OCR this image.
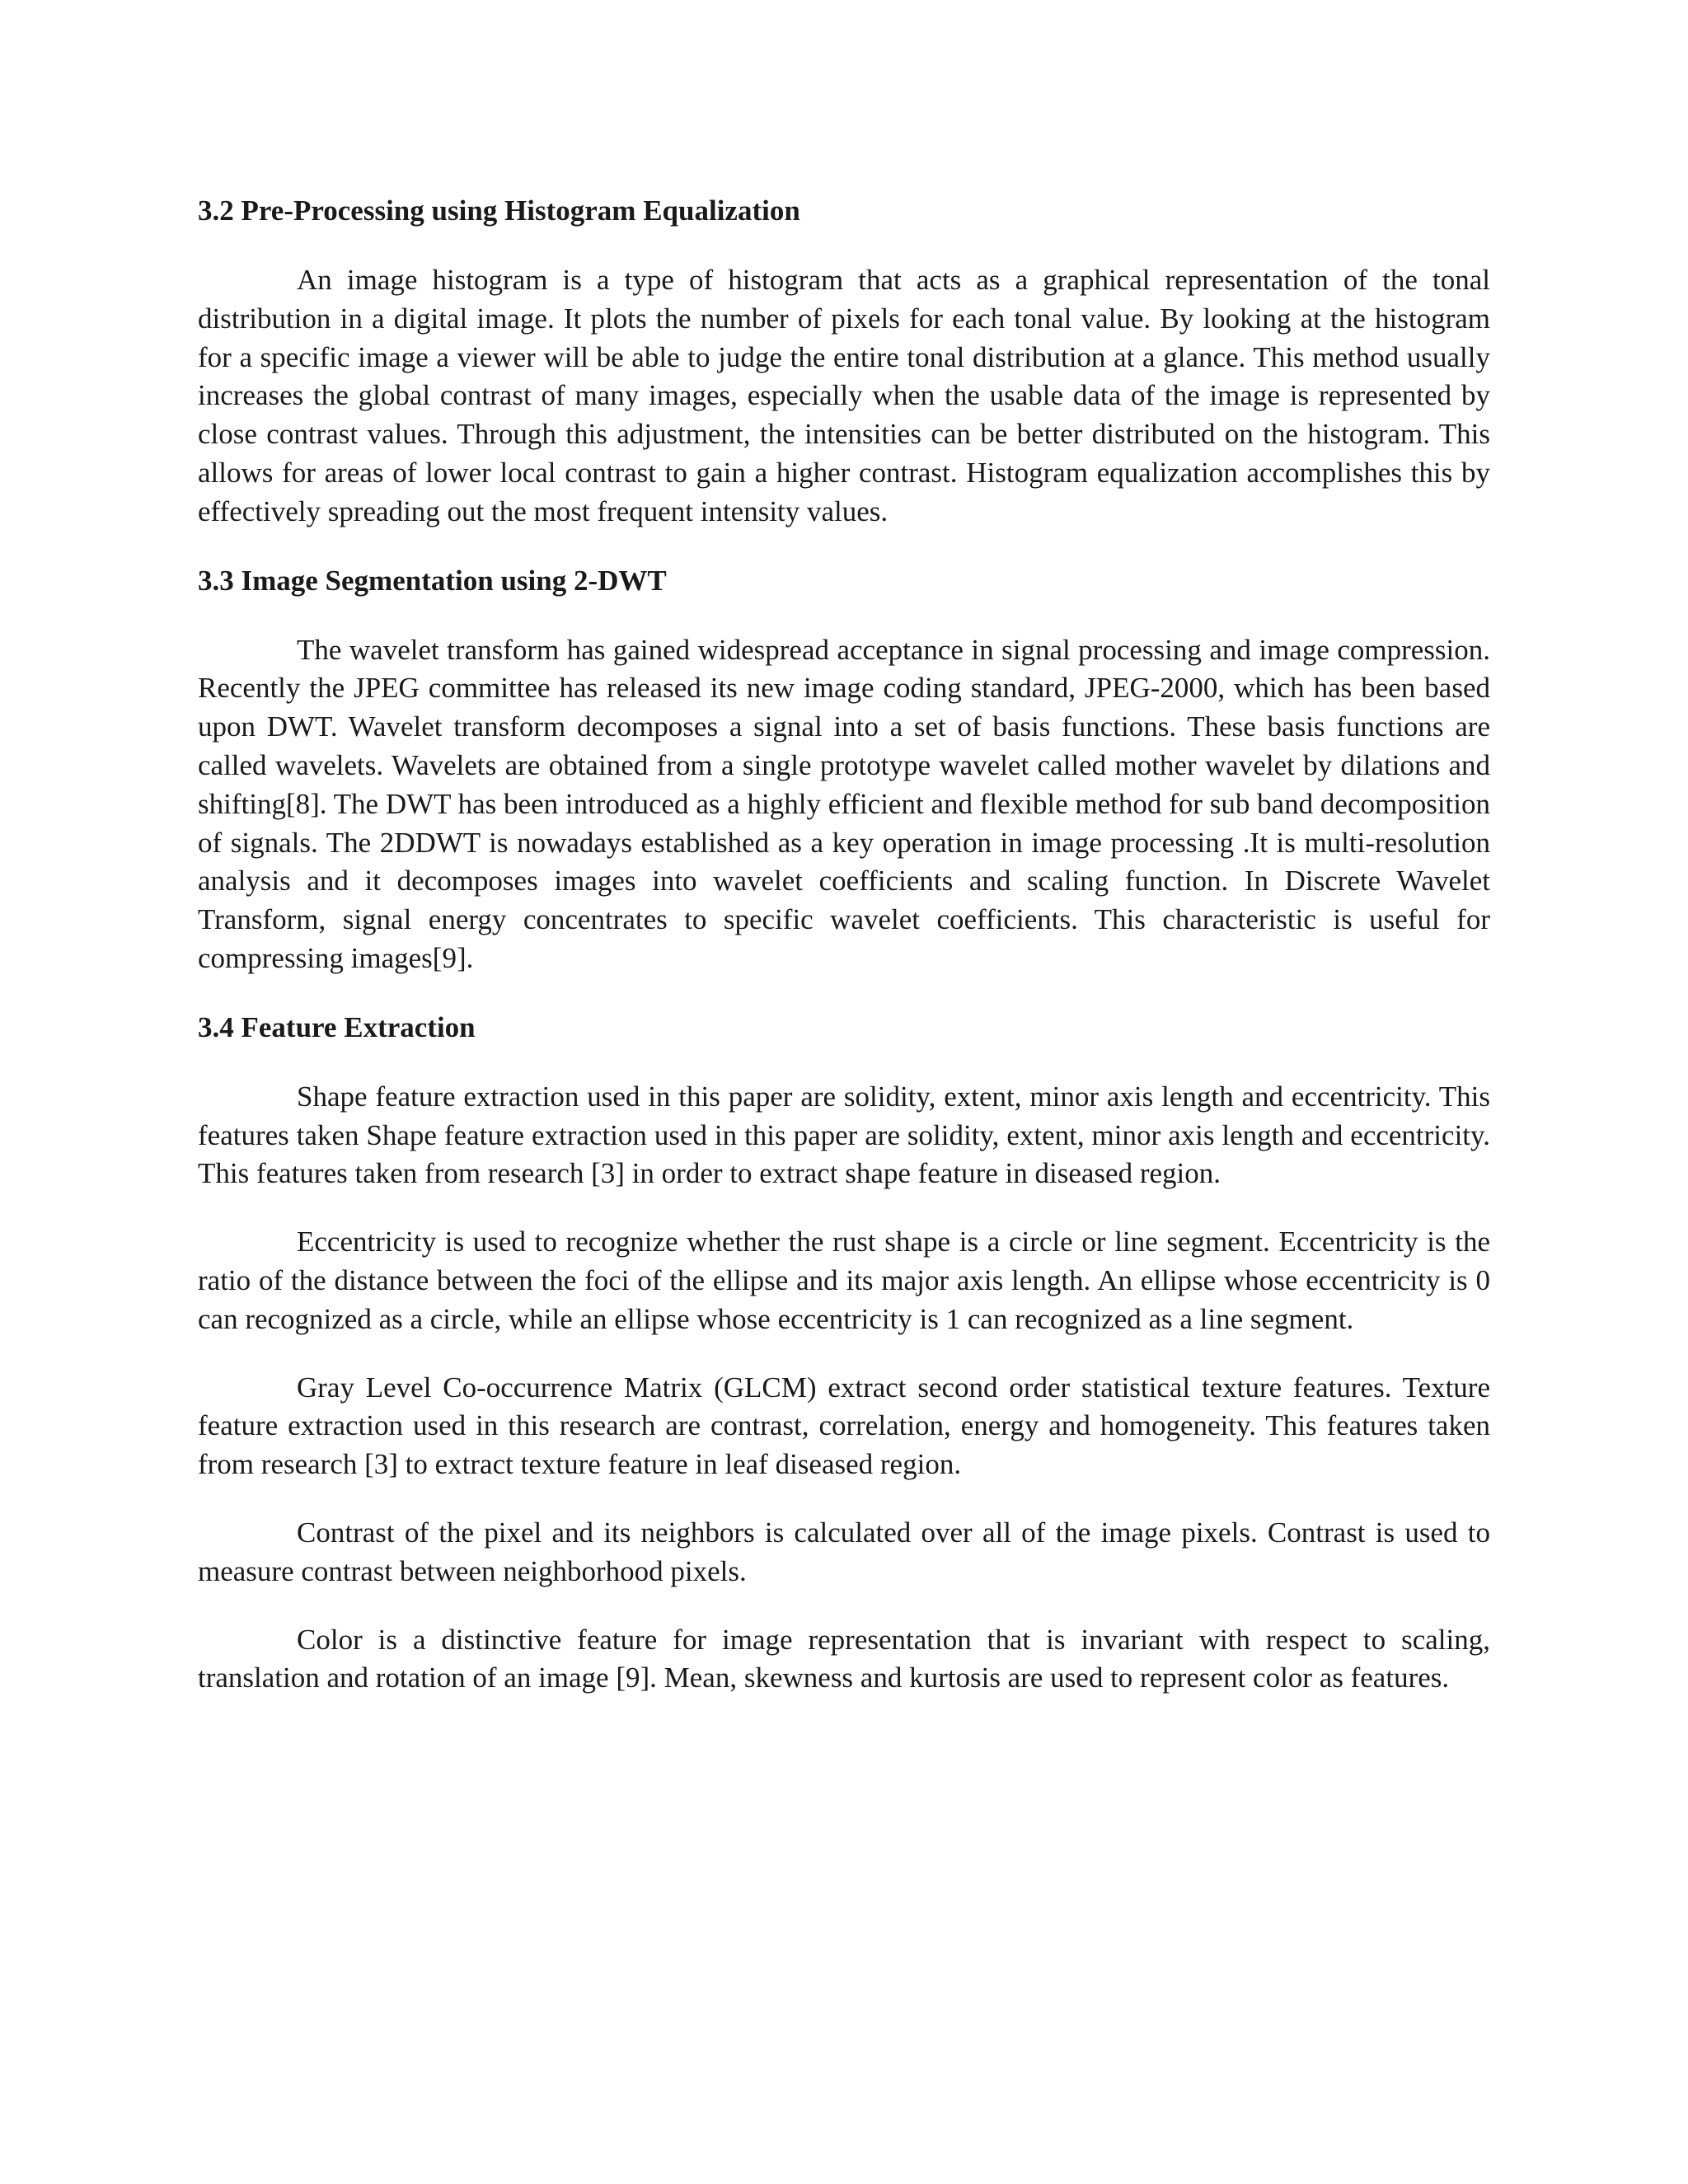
3.2 Pre-Processing using Histogram Equalization

An image histogram is a type of histogram that acts as a graphical representation of the tonal distribution in a digital image. It plots the number of pixels for each tonal value. By looking at the histogram for a specific image a viewer will be able to judge the entire tonal distribution at a glance. This method usually increases the global contrast of many images, especially when the usable data of the image is represented by close contrast values. Through this adjustment, the intensities can be better distributed on the histogram. This allows for areas of lower local contrast to gain a higher contrast. Histogram equalization accomplishes this by effectively spreading out the most frequent intensity values.

3.3 Image Segmentation using 2-DWT

The wavelet transform has gained widespread acceptance in signal processing and image compression. Recently the JPEG committee has released its new image coding standard, JPEG-2000, which has been based upon DWT. Wavelet transform decomposes a signal into a set of basis functions. These basis functions are called wavelets. Wavelets are obtained from a single prototype wavelet called mother wavelet by dilations and shifting[8]. The DWT has been introduced as a highly efficient and flexible method for sub band decomposition of signals. The 2DDWT is nowadays established as a key operation in image processing .It is multi-resolution analysis and it decomposes images into wavelet coefficients and scaling function. In Discrete Wavelet Transform, signal energy concentrates to specific wavelet coefficients. This characteristic is useful for compressing images[9].

3.4 Feature Extraction

Shape feature extraction used in this paper are solidity, extent, minor axis length and eccentricity. This features taken Shape feature extraction used in this paper are solidity, extent, minor axis length and eccentricity. This features taken from research [3] in order to extract shape feature in diseased region.

Eccentricity is used to recognize whether the rust shape is a circle or line segment. Eccentricity is the ratio of the distance between the foci of the ellipse and its major axis length. An ellipse whose eccentricity is 0 can recognized as a circle, while an ellipse whose eccentricity is 1 can recognized as a line segment.

Gray Level Co-occurrence Matrix (GLCM) extract second order statistical texture features. Texture feature extraction used in this research are contrast, correlation, energy and homogeneity. This features taken from research [3] to extract texture feature in leaf diseased region.

Contrast of the pixel and its neighbors is calculated over all of the image pixels. Contrast is used to measure contrast between neighborhood pixels.

Color is a distinctive feature for image representation that is invariant with respect to scaling, translation and rotation of an image [9]. Mean, skewness and kurtosis are used to represent color as features.
